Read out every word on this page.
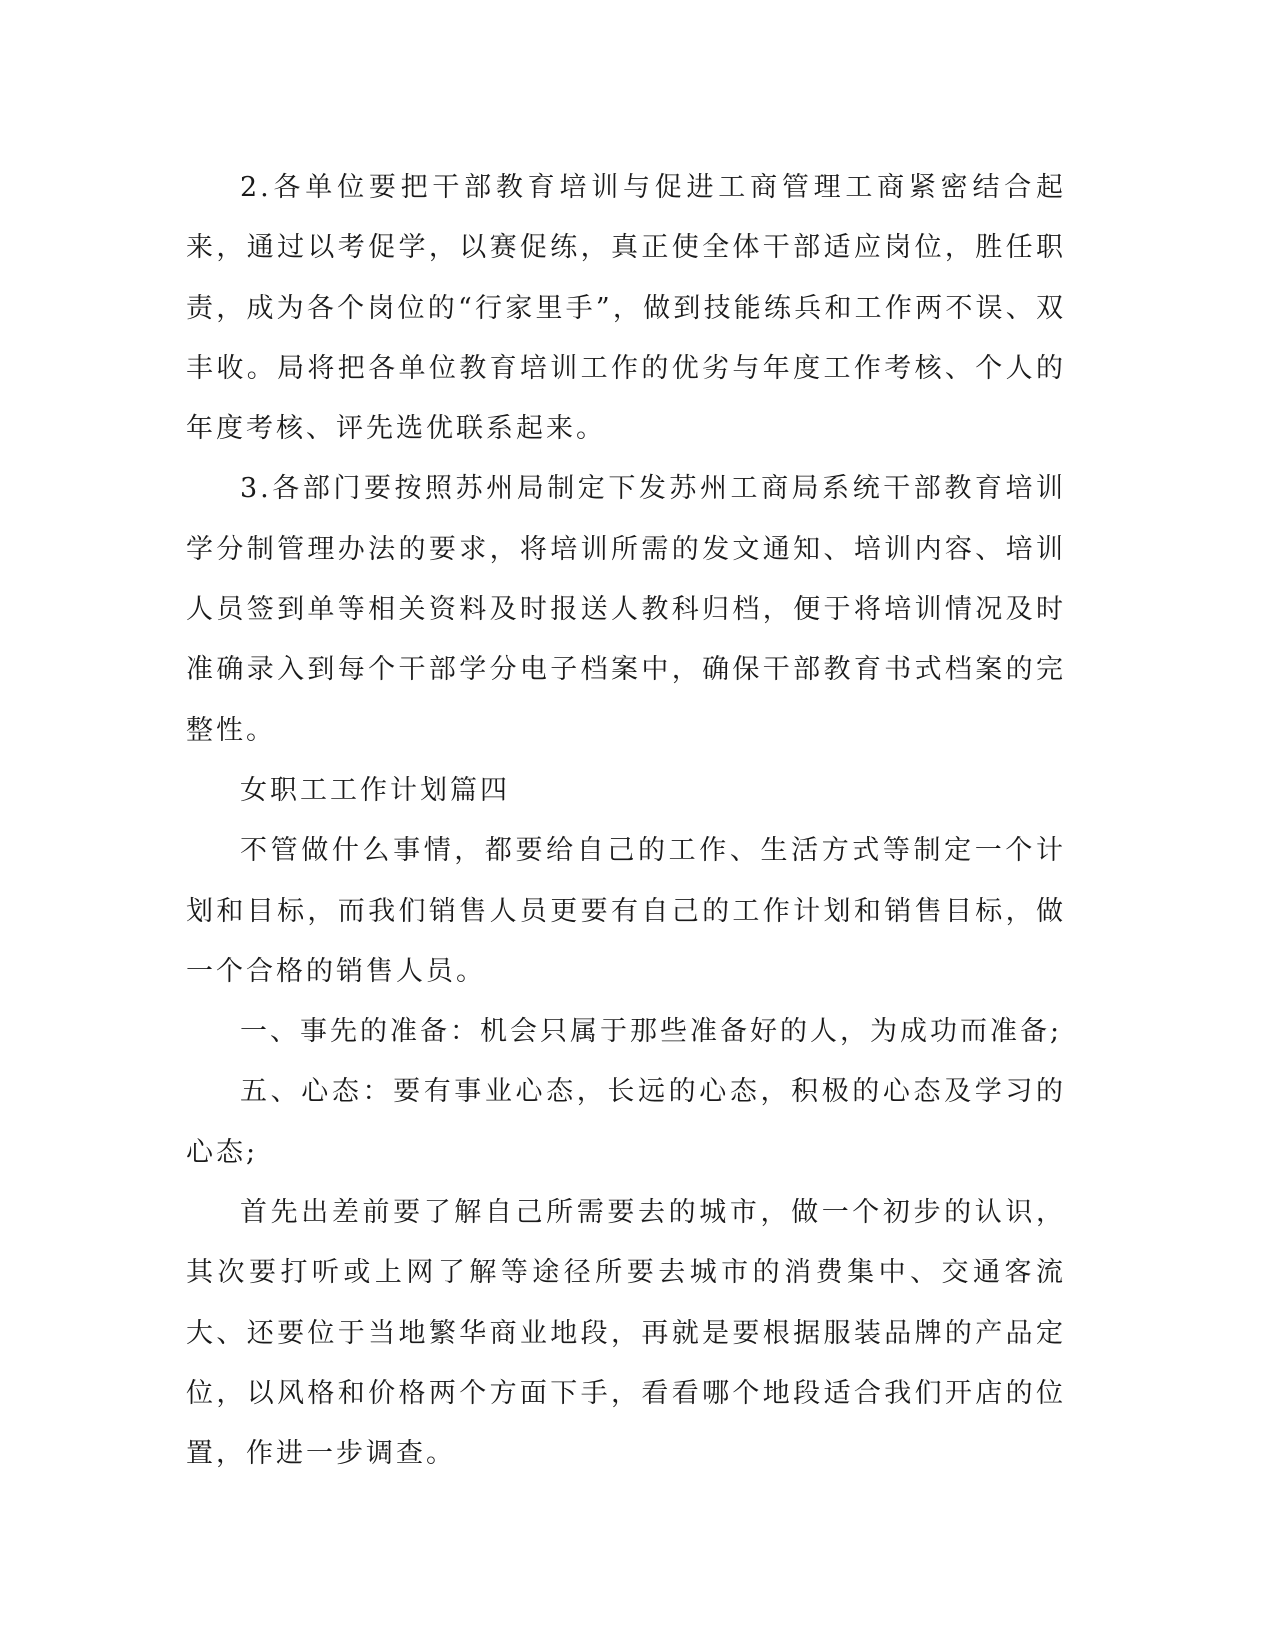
2.各单位要把干部教育培训与促进工商管理工商紧密结合起来，通过以考促学，以赛促练，真正使全体干部适应岗位，胜任职责，成为各个岗位的“行家里手”，做到技能练兵和工作两不误、双丰收。局将把各单位教育培训工作的优劣与年度工作考核、个人的年度考核、评先选优联系起来。

3.各部门要按照苏州局制定下发苏州工商局系统干部教育培训学分制管理办法的要求，将培训所需的发文通知、培训内容、培训人员签到单等相关资料及时报送人教科归档，便于将培训情况及时准确录入到每个干部学分电子档案中，确保干部教育书式档案的完整性。

女职工工作计划篇四

不管做什么事情，都要给自己的工作、生活方式等制定一个计划和目标，而我们销售人员更要有自己的工作计划和销售目标，做一个合格的销售人员。

一、事先的准备：机会只属于那些准备好的人，为成功而准备;

五、心态：要有事业心态，长远的心态，积极的心态及学习的心态;

首先出差前要了解自己所需要去的城市，做一个初步的认识，其次要打听或上网了解等途径所要去城市的消费集中、交通客流大、还要位于当地繁华商业地段，再就是要根据服装品牌的产品定位，以风格和价格两个方面下手，看看哪个地段适合我们开店的位置，作进一步调查。
